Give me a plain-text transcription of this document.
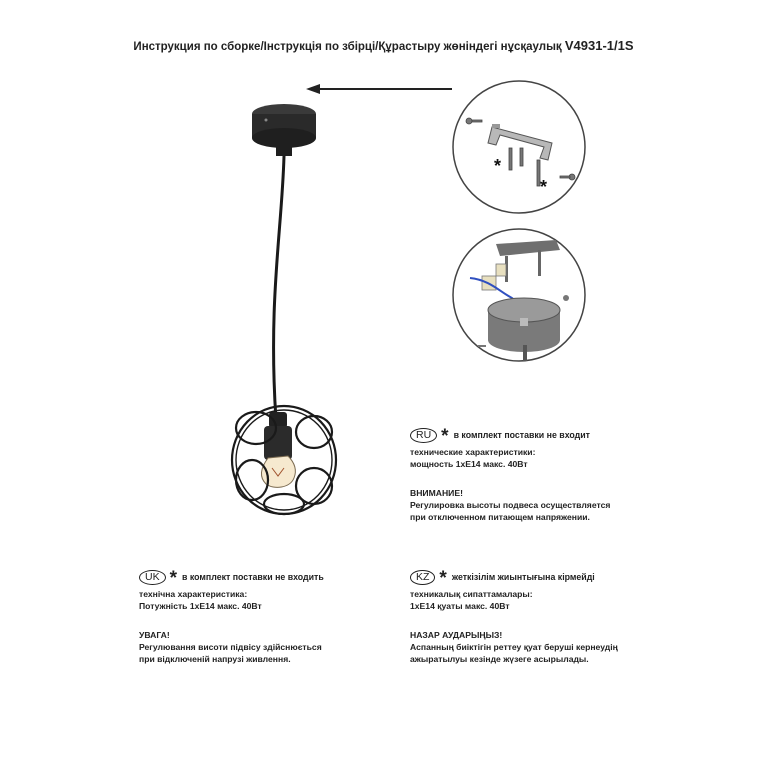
Инструкция по сборке/Інструкція по збірці/Құрастыру жөніндегі нұсқаулық V4931-1/1S
*
*
RU * в комплект поставки не входит
технические характеристики:
мощность 1хЕ14 макс. 40Вт
ВНИМАНИЕ!
Регулировка высоты подвеса осуществляется
при отключенном питающем напряжении.
UK * в комплект поставки не входить
технічна характеристика:
Потужність 1хЕ14 макс. 40Вт
УВАГА!
Регулювання висоти підвісу здійснюється
при відключеній напрузі живлення.
KZ * жеткізілім жиынтығына кірмейді
техникалық сипаттамалары:
1хЕ14 қуаты макс. 40Вт
НАЗАР АУДАРЫҢЫЗ!
Аспанның биіктігін реттеу қуат беруші кернеудің
ажыратылуы кезінде жүзеге асырылады.
